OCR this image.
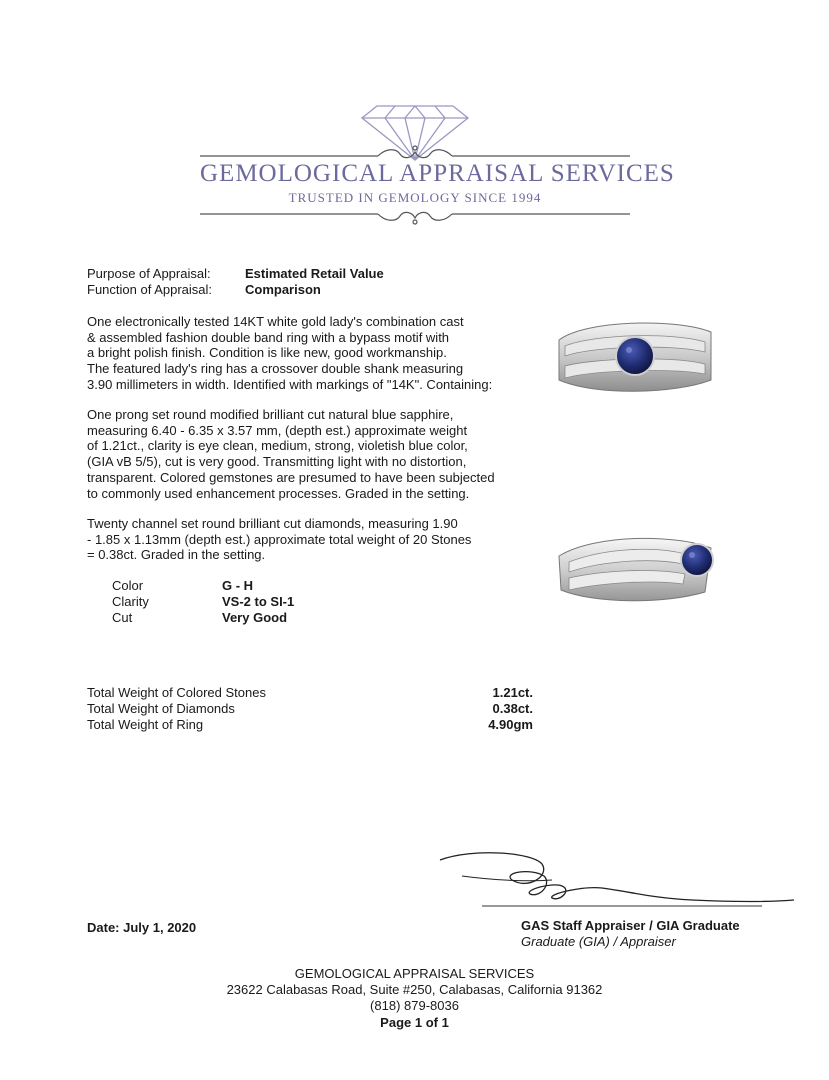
GEMOLOGICAL APPRAISAL SERVICES
TRUSTED IN GEMOLOGY SINCE 1994
Purpose of Appraisal:	Estimated Retail Value
Function of Appraisal:	Comparison
One electronically tested 14KT white gold lady's combination cast
& assembled fashion double band ring with a bypass motif with
a bright polish finish. Condition is like new, good workmanship.
The featured lady's ring has a crossover double shank measuring
3.90 millimeters in width. Identified with markings of "14K". Containing:
One prong set round modified brilliant cut natural blue sapphire,
measuring 6.40 - 6.35 x 3.57 mm, (depth est.) approximate weight
of 1.21ct., clarity is eye clean, medium, strong, violetish blue color,
(GIA vB 5/5), cut is very good. Transmitting light with no distortion,
transparent. Colored gemstones are presumed to have been subjected
to commonly used enhancement processes. Graded in the setting.
Twenty channel set round brilliant cut diamonds, measuring 1.90
- 1.85 x 1.13mm (depth est.) approximate total weight of 20 Stones
= 0.38ct. Graded in the setting.
Color	G - H
Clarity	VS-2 to SI-1
Cut	Very Good
Total Weight of Colored Stones	1.21ct.
Total Weight of Diamonds	0.38ct.
Total Weight of Ring	4.90gm
Date: July 1, 2020	GAS Staff Appraiser / GIA Graduate
Graduate (GIA) / Appraiser
GEMOLOGICAL APPRAISAL SERVICES
23622 Calabasas Road, Suite #250, Calabasas, California 91362
(818) 879-8036
Page 1 of 1
